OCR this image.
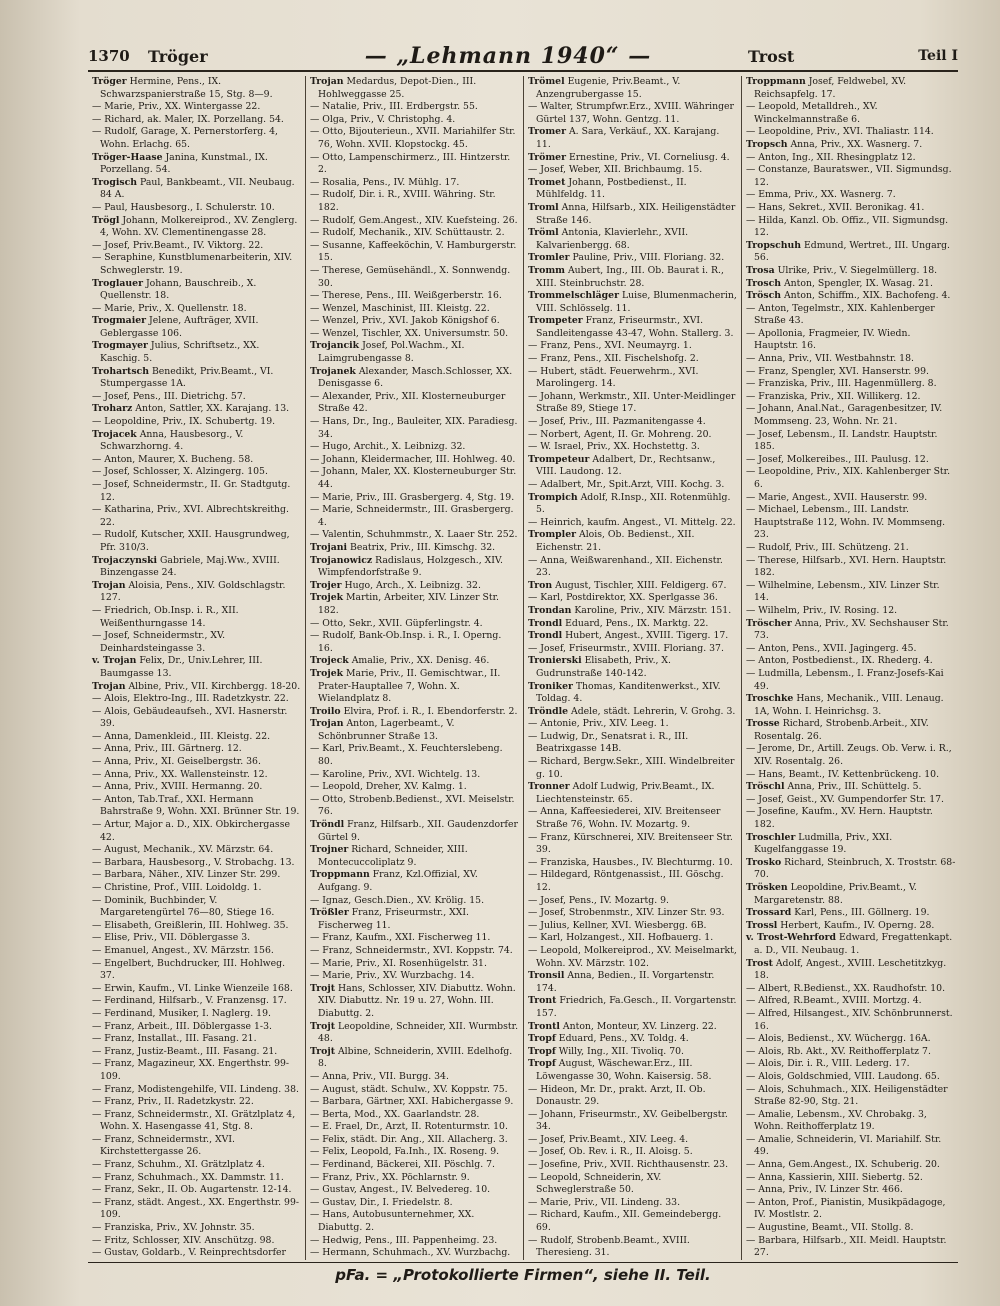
1370	Tröger	— „Lehmann 1940“ —	Trost	Teil I

Tröger Hermine, Pens., IX. Schwarzspanierstraße 15, Stg. 8—9.

— Marie, Priv., XX. Wintergasse 22.

— Richard, ak. Maler, IX. Porzellang. 54.

— Rudolf, Garage, X. Pernerstorferg. 4, Wohn. Erlachg. 65.

Tröger-Haase Janina, Kunstmal., IX. Porzellang. 54.

Trogisch Paul, Bankbeamt., VII. Neubaug. 84 A.

— Paul, Hausbesorg., I. Schulerstr. 10.

Trögl Johann, Molkereiprod., XV. Zenglerg. 4, Wohn. XV. Clementinengasse 28.

— Josef, Priv.Beamt., IV. Viktorg. 22.

— Seraphine, Kunstblumenarbeiterin, XIV. Schweglerstr. 19.

Troglauer Johann, Bauschreib., X. Quellenstr. 18.

— Marie, Priv., X. Quellenstr. 18.

Trogmaier Jelene, Aufträger, XVII. Geblergasse 106.

Trogmayer Julius, Schriftsetz., XX. Kaschig. 5.

Trohartsch Benedikt, Priv.Beamt., VI. Stumpergasse 1A.

— Josef, Pens., III. Dietrichg. 57.

Troharz Anton, Sattler, XX. Karajang. 13.

— Leopoldine, Priv., IX. Schubertg. 19.

Trojacek Anna, Hausbesorg., V. Schwarzhorng. 4.

— Anton, Maurer, X. Bucheng. 58.

— Josef, Schlosser, X. Alzingerg. 105.

— Josef, Schneidermstr., II. Gr. Stadtgutg. 12.

— Katharina, Priv., XVI. Albrechtskreithg. 22.

— Rudolf, Kutscher, XXII. Hausgrundweg, Pfr. 310/3.

Trojaczynski Gabriele, Maj.Ww., XVIII. Binzengasse 24.

Trojan Aloisia, Pens., XIV. Goldschlagstr. 127.

— Friedrich, Ob.Insp. i. R., XII. Weißenthurngasse 14.

— Josef, Schneidermstr., XV. Deinhardsteingasse 3.

v. Trojan Felix, Dr., Univ.Lehrer, III. Baumgasse 13.

Trojan Albine, Priv., VII. Kirchbergg. 18-20.

— Alois, Elektro-Ing., III. Radetzkystr. 22.

— Alois, Gebäudeaufseh., XVI. Hasnerstr. 39.

— Anna, Damenkleid., III. Kleistg. 22.

— Anna, Priv., III. Gärtnerg. 12.

— Anna, Priv., XI. Geiselbergstr. 36.

— Anna, Priv., XX. Wallensteinstr. 12.

— Anna, Priv., XVIII. Hermanng. 20.

— Anton, Tab.Traf., XXI. Hermann Bahrstraße 9, Wohn. XXI. Brünner Str. 19.

— Artur, Major a. D., XIX. Obkirchergasse 42.

— August, Mechanik., XV. Märzstr. 64.

— Barbara, Hausbesorg., V. Strobachg. 13.

— Barbara, Näher., XIV. Linzer Str. 299.

— Christine, Prof., VIII. Loidoldg. 1.

— Dominik, Buchbinder, V. Margaretengürtel 76—80, Stiege 16.

— Elisabeth, Greißlerin, III. Hohlweg. 35.

— Elise, Priv., VII. Döblergasse 3.

— Emanuel, Angest., XV. Märzstr. 156.

— Engelbert, Buchdrucker, III. Hohlweg. 37.

— Erwin, Kaufm., VI. Linke Wienzeile 168.

— Ferdinand, Hilfsarb., V. Franzensg. 17.

— Ferdinand, Musiker, I. Naglerg. 19.

— Franz, Arbeit., III. Döblergasse 1-3.

— Franz, Installat., III. Fasang. 21.

— Franz, Justiz-Beamt., III. Fasang. 21.

— Franz, Magazineur, XX. Engerthstr. 99-109.

— Franz, Modistengehilfe, VII. Lindeng. 38.

— Franz, Priv., II. Radetzkystr. 22.

— Franz, Schneidermstr., XI. Grätzlplatz 4, Wohn. X. Hasengasse 41, Stg. 8.

— Franz, Schneidermstr., XVI. Kirchstettergasse 26.

— Franz, Schuhm., XI. Grätzlplatz 4.

— Franz, Schuhmach., XX. Dammstr. 11.

— Franz, Sekr., II. Ob. Augartenstr. 12-14.

— Franz, städt. Angest., XX. Engerthstr. 99-109.

— Franziska, Priv., XV. Johnstr. 35.

— Fritz, Schlosser, XIV. Anschützg. 98.

— Gustav, Goldarb., V. Reinprechtsdorfer

Trojan Medardus, Depot-Dien., III. Hohlweggasse 25.

— Natalie, Priv., III. Erdbergstr. 55.

— Olga, Priv., V. Christophg. 4.

— Otto, Bijouterieun., XVII. Mariahilfer Str. 76, Wohn. XVII. Klopstockg. 45.

— Otto, Lampenschirmerz., III. Hintzerstr. 2.

— Rosalia, Pens., IV. Mühlg. 17.

— Rudolf, Dir. i. R., XVIII. Währing. Str. 182.

— Rudolf, Gem.Angest., XIV. Kuefsteing. 26.

— Rudolf, Mechanik., XIV. Schüttaustr. 2.

— Susanne, Kaffeeköchin, V. Hamburgerstr. 15.

— Therese, Gemüsehändl., X. Sonnwendg. 30.

— Therese, Pens., III. Weißgerberstr. 16.

— Wenzel, Maschinist, III. Kleistg. 22.

— Wenzel, Priv., XVI. Jakob Königshof 6.

— Wenzel, Tischler, XX. Universumstr. 50.

Trojancik Josef, Pol.Wachm., XI. Laimgrubengasse 8.

Trojanek Alexander, Masch.Schlosser, XX. Denisgasse 6.

— Alexander, Priv., XII. Klosterneuburger Straße 42.

— Hans, Dr., Ing., Bauleiter, XIX. Paradiesg. 34.

— Hugo, Archit., X. Leibnizg. 32.

— Johann, Kleidermacher, III. Hohlweg. 40.

— Johann, Maler, XX. Klosterneuburger Str. 44.

— Marie, Priv., III. Grasbergerg. 4, Stg. 19.

— Marie, Schneidermstr., III. Grasbergerg. 4.

— Valentin, Schuhmmstr., X. Laaer Str. 252.

Trojani Beatrix, Priv., III. Kimschg. 32.

Trojanowicz Radislaus, Holzgesch., XIV. Wimpfendorfstraße 9.

Trojer Hugo, Arch., X. Leibnizg. 32.

Trojek Martin, Arbeiter, XIV. Linzer Str. 182.

— Otto, Sekr., XVII. Güpferlingstr. 4.

— Rudolf, Bank-Ob.Insp. i. R., I. Operng. 16.

Trojeck Amalie, Priv., XX. Denisg. 46.

Trojek Marie, Priv., II. Gemischtwar., II. Prater-Hauptallee 7, Wohn. X. Wielandplatz 8.

Troilo Elvira, Prof. i. R., I. Ebendorferstr. 2.

Trojan Anton, Lagerbeamt., V. Schönbrunner Straße 13.

— Karl, Priv.Beamt., X. Feuchterslebeng. 80.

— Karoline, Priv., XVI. Wichtelg. 13.

— Leopold, Dreher, XV. Kalmg. 1.

— Otto, Strobenb.Bedienst., XVI. Meiselstr. 76.

Tröndl Franz, Hilfsarb., XII. Gaudenzdorfer Gürtel 9.

Trojner Richard, Schneider, XIII. Montecuccoliplatz 9.

Troppmann Franz, Kzl.Offizial, XV. Aufgang. 9.

— Ignaz, Gesch.Dien., XV. Krölig. 15.

Trößler Franz, Friseurmstr., XXI. Fischerweg 11.

— Franz, Kaufm., XXI. Fischerweg 11.

— Franz, Schneidermstr., XVI. Koppstr. 74.

— Marie, Priv., XI. Rosenhügelstr. 31.

— Marie, Priv., XV. Wurzbachg. 14.

Trojt Hans, Schlosser, XIV. Diabuttz. Wohn. XIV. Diabuttz. Nr. 19 u. 27, Wohn. III. Diabuttg. 2.

Trojt Leopoldine, Schneider, XII. Wurmbstr. 48.

Trojt Albine, Schneiderin, XVIII. Edelhofg. 8.

— Anna, Priv., VII. Burgg. 34.

— August, städt. Schulw., XV. Koppstr. 75.

— Barbara, Gärtner, XXI. Habichergasse 9.

— Berta, Mod., XX. Gaarlandstr. 28.

— E. Frael, Dr., Arzt, II. Rotenturmstr. 10.

— Felix, städt. Dir. Ang., XII. Allacherg. 3.

— Felix, Leopold, Fa.Inh., IX. Roseng. 9.

— Ferdinand, Bäckerei, XII. Pöschlg. 7.

— Franz, Priv., XX. Pöchlarnstr. 9.

— Gustav, Angest., IV. Belvedereg. 10.

— Gustav, Dir., I. Friedelstr. 8.

— Hans, Autobusunternehmer, XX. Diabuttg. 2.

— Hedwig, Pens., III. Pappenheimg. 23.

— Hermann, Schuhmach., XV. Wurzbachg.

Trömel Eugenie, Priv.Beamt., V. Anzengrubergasse 15.

— Walter, Strumpfwr.Erz., XVIII. Währinger Gürtel 137, Wohn. Gentzg. 11.

Tromer A. Sara, Verkäuf., XX. Karajang. 11.

Trömer Ernestine, Priv., VI. Corneliusg. 4.

— Josef, Weber, XII. Brichbaumg. 15.

Tromet Johann, Postbedienst., II. Mühlfeldg. 11.

Troml Anna, Hilfsarb., XIX. Heiligenstädter Straße 146.

Tröml Antonia, Klavierlehr., XVII. Kalvarienbergg. 68.

Tromler Pauline, Priv., VIII. Floriang. 32.

Tromm Aubert, Ing., III. Ob. Baurat i. R., XIII. Steinbruchstr. 28.

Trommelschläger Luise, Blumenmacherin, VIII. Schlösselg. 11.

Trompeter Franz, Friseurmstr., XVI. Sandleitengasse 43-47, Wohn. Stallerg. 3.

— Franz, Pens., XVI. Neumayrg. 1.

— Franz, Pens., XII. Fischelshofg. 2.

— Hubert, städt. Feuerwehrm., XVI. Marolingerg. 14.

— Johann, Werkmstr., XII. Unter-Meidlinger Straße 89, Stiege 17.

— Josef, Priv., III. Pazmanitengasse 4.

— Norbert, Agent, II. Gr. Mohreng. 20.

— W. Israel, Priv., XX. Hochstettg. 3.

Trompeteur Adalbert, Dr., Rechtsanw., VIII. Laudong. 12.

— Adalbert, Mr., Spit.Arzt, VIII. Kochg. 3.

Trompich Adolf, R.Insp., XII. Rotenmühlg. 5.

— Heinrich, kaufm. Angest., VI. Mittelg. 22.

Trompler Alois, Ob. Bedienst., XII. Eichenstr. 21.

— Anna, Weißwarenhand., XII. Eichenstr. 23.

Tron August, Tischler, XIII. Feldigerg. 67.

— Karl, Postdirektor, XX. Sperlgasse 36.

Trondan Karoline, Priv., XIV. Märzstr. 151.

Trondl Eduard, Pens., IX. Marktg. 22.

Trondl Hubert, Angest., XVIII. Tigerg. 17.

— Josef, Friseurmstr., XVIII. Floriang. 37.

Tronierski Elisabeth, Priv., X. Gudrunstraße 140-142.

Troniker Thomas, Kanditenwerkst., XIV. Toldag. 4.

Tröndle Adele, städt. Lehrerin, V. Grohg. 3.

— Antonie, Priv., XIV. Leeg. 1.

— Ludwig, Dr., Senatsrat i. R., III. Beatrixgasse 14B.

— Richard, Bergw.Sekr., XIII. Windelbreiter g. 10.

Tronner Adolf Ludwig, Priv.Beamt., IX. Liechtensteinstr. 65.

— Anna, Kaffeesiederei, XIV. Breitenseer Straße 76, Wohn. IV. Mozartg. 9.

— Franz, Kürschnerei, XIV. Breitenseer Str. 39.

— Franziska, Hausbes., IV. Blechturmg. 10.

— Hildegard, Röntgenassist., III. Göschg. 12.

— Josef, Pens., IV. Mozartg. 9.

— Josef, Strobenmstr., XIV. Linzer Str. 93.

— Julius, Kellner, XVI. Wiesbergg. 6B.

— Karl, Holzangest., XII. Hofbauerg. 1.

— Leopold, Molkereiprod., XV. Meiselmarkt, Wohn. XV. Märzstr. 102.

Tronsil Anna, Bedien., II. Vorgartenstr. 174.

Tront Friedrich, Fa.Gesch., II. Vorgartenstr. 157.

Trontl Anton, Monteur, XV. Linzerg. 22.

Tropf Eduard, Pens., XV. Toldg. 4.

Tropf Willy, Ing., XII. Tivoliq. 70.

Tropf August, Wäschewar.Erz., III. Löwengasse 30, Wohn. Kaisersig. 58.

— Hideon, Mr. Dr., prakt. Arzt, II. Ob. Donaustr. 29.

— Johann, Friseurmstr., XV. Geibelbergstr. 34.

— Josef, Priv.Beamt., XIV. Leeg. 4.

— Josef, Ob. Rev. i. R., II. Aloisg. 5.

— Josefine, Priv., XVII. Richthausenstr. 23.

— Leopold, Schneiderin, XV. Schweglerstraße 50.

— Marie, Priv., VII. Lindeng. 33.

— Richard, Kaufm., XII. Gemeindebergg. 69.

— Rudolf, Strobenb.Beamt., XVIII. Theresieng. 31.

Troppmann Josef, Feldwebel, XV. Reichsapfelg. 17.

— Leopold, Metalldreh., XV. Winckelmannstraße 6.

— Leopoldine, Priv., XVI. Thaliastr. 114.

Tropsch Anna, Priv., XX. Wasnerg. 7.

— Anton, Ing., XII. Rhesingplatz 12.

— Constanze, Bauratswer., VII. Sigmundsg. 12.

— Emma, Priv., XX. Wasnerg. 7.

— Hans, Sekret., XVII. Beronikag. 41.

— Hilda, Kanzl. Ob. Offiz., VII. Sigmundsg. 12.

Tropschuh Edmund, Wertret., III. Ungarg. 56.

Trosa Ulrike, Priv., V. Siegelmüllerg. 18.

Trosch Anton, Spengler, IX. Wasag. 21.

Trösch Anton, Schiffm., XIX. Bachofeng. 4.

— Anton, Tegelmstr., XIX. Kahlenberger Straße 43.

— Apollonia, Fragmeier, IV. Wiedn. Hauptstr. 16.

— Anna, Priv., VII. Westbahnstr. 18.

— Franz, Spengler, XVI. Hanserstr. 99.

— Franziska, Priv., III. Hagenmüllerg. 8.

— Franziska, Priv., XII. Willikerg. 12.

— Johann, Anal.Nat., Garagenbesitzer, IV. Mommseng. 23, Wohn. Nr. 21.

— Josef, Lebensm., II. Landstr. Hauptstr. 185.

— Josef, Molkereibes., III. Paulusg. 12.

— Leopoldine, Priv., XIX. Kahlenberger Str. 6.

— Marie, Angest., XVII. Hauserstr. 99.

— Michael, Lebensm., III. Landstr. Hauptstraße 112, Wohn. IV. Mommseng. 23.

— Rudolf, Priv., III. Schützeng. 21.

— Therese, Hilfsarb., XVI. Hern. Hauptstr. 182.

— Wilhelmine, Lebensm., XIV. Linzer Str. 14.

— Wilhelm, Priv., IV. Rosing. 12.

Tröscher Anna, Priv., XV. Sechshauser Str. 73.

— Anton, Pens., XVII. Jagingerg. 45.

— Anton, Postbedienst., IX. Rhederg. 4.

— Ludmilla, Lebensm., I. Franz-Josefs-Kai 49.

Troschke Hans, Mechanik., VIII. Lenaug. 1A, Wohn. I. Heinrichsg. 3.

Trosse Richard, Strobenb.Arbeit., XIV. Rosentalg. 26.

— Jerome, Dr., Artill. Zeugs. Ob. Verw. i. R., XIV. Rosentalg. 26.

— Hans, Beamt., IV. Kettenbrückeng. 10.

Tröschl Anna, Priv., III. Schüttelg. 5.

— Josef, Geist., XV. Gumpendorfer Str. 17.

— Josefine, Kaufm., XV. Hern. Hauptstr. 182.

Troschler Ludmilla, Priv., XXI. Kugelfanggasse 19.

Trosko Richard, Steinbruch, X. Troststr. 68-70.

Trösken Leopoldine, Priv.Beamt., V. Margaretenstr. 88.

Trossard Karl, Pens., III. Göllnerg. 19.

Trossl Herbert, Kaufm., IV. Operng. 28.

v. Trost-Wehrford Edward, Fregattenkapt. a. D., VII. Neubaug. 1.

Trost Adolf, Angest., XVIII. Leschetitzkyg. 18.

— Albert, R.Bedienst., XX. Raudhofstr. 10.

— Alfred, R.Beamt., XVIII. Mortzg. 4.

— Alfred, Hilsangest., XIV. Schönbrunnerst. 16.

— Alois, Bedienst., XV. Wüchergg. 16A.

— Alois, Rb. Akt., XV. Reithofferplatz 7.

— Alois, Dir. i. R., VIII. Lederg. 17.

— Alois, Goldschmied, VIII. Laudong. 65.

— Alois, Schuhmach., XIX. Heiligenstädter Straße 82-90, Stg. 21.

— Amalie, Lebensm., XV. Chrobakg. 3, Wohn. Reithofferplatz 19.

— Amalie, Schneiderin, VI. Mariahilf. Str. 49.

— Anna, Gem.Angest., IX. Schuberig. 20.

— Anna, Kassierin, XIII. Siebertg. 52.

— Anna, Priv., IV. Linzer Str. 466.

— Anton, Prof., Pianistin, Musikpädagoge, IV. Mostlstr. 2.

— Augustine, Beamt., VII. Stollg. 8.

— Barbara, Hilfsarb., XII. Meidl. Hauptstr. 27.

pFa. = „Protokollierte Firmen“, siehe II. Teil.
